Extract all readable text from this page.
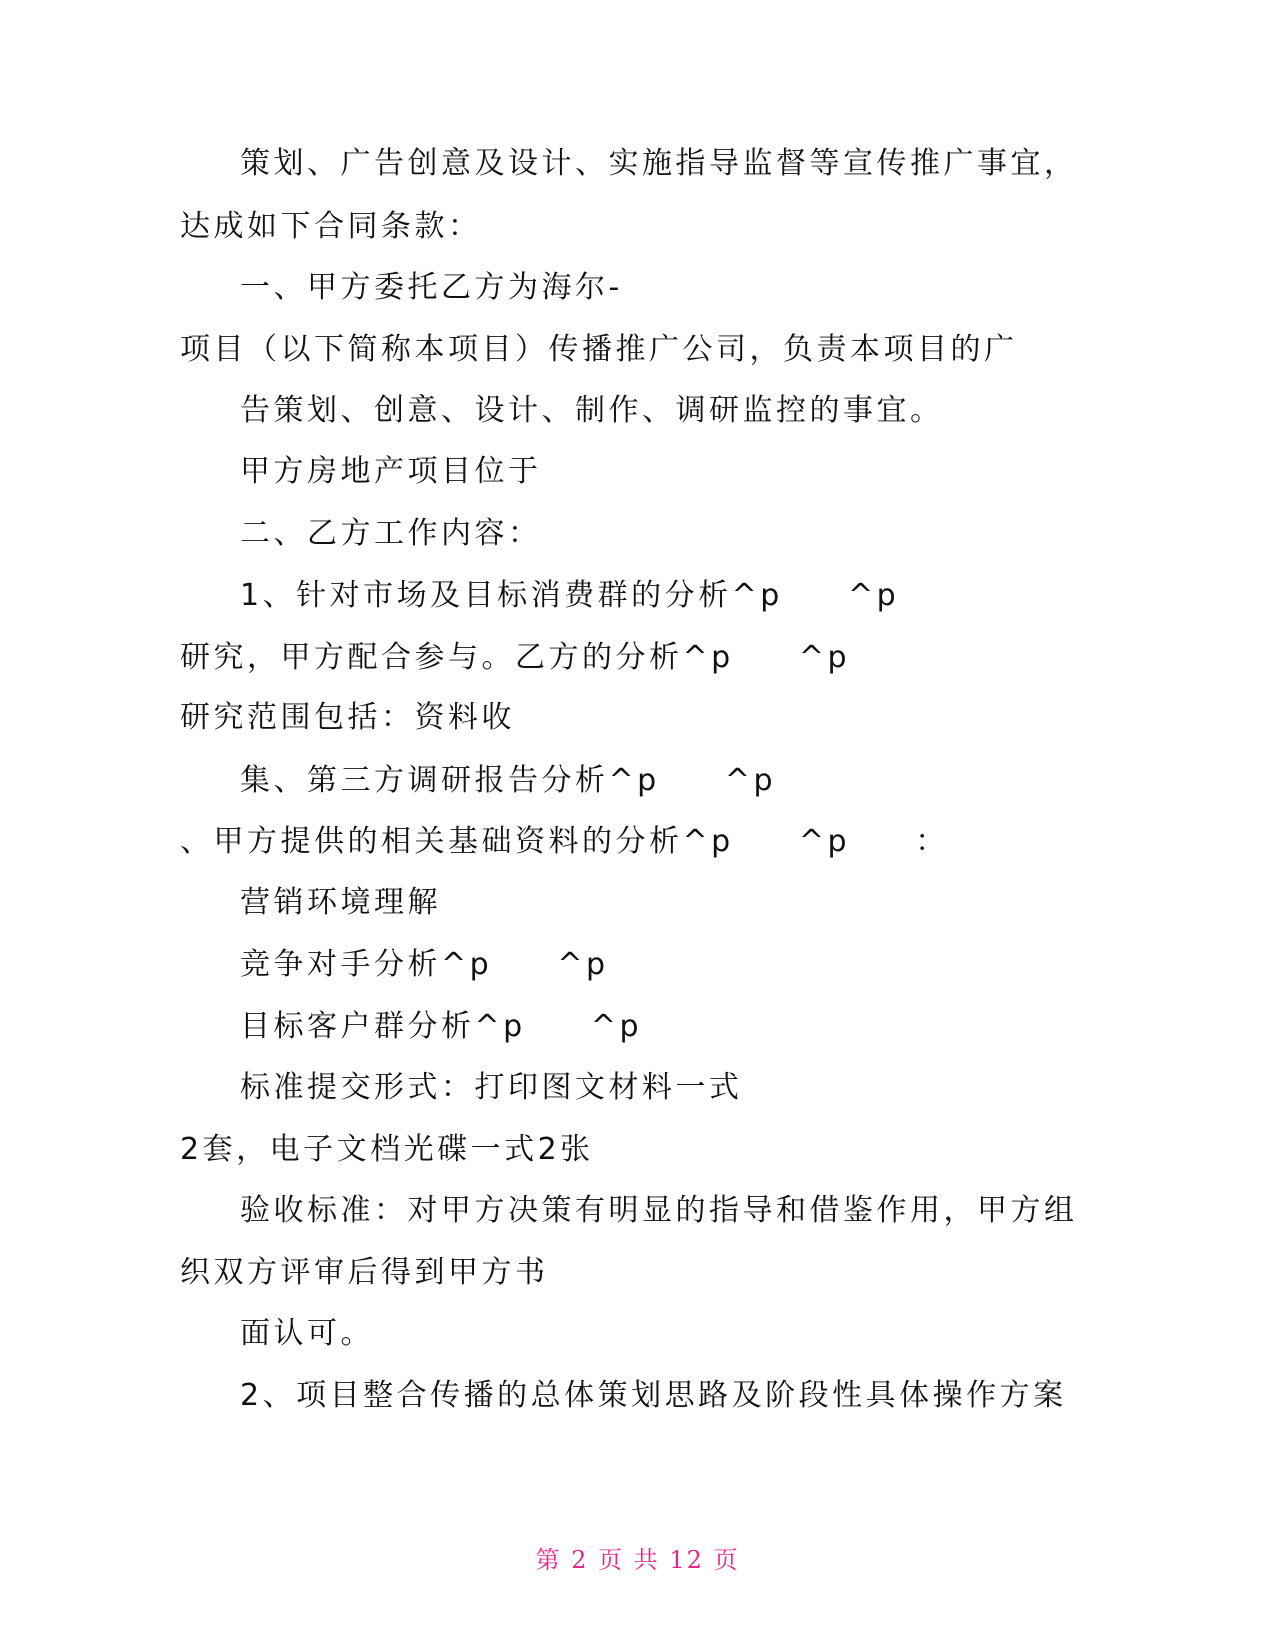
策划、广告创意及设计、实施指导监督等宣传推广事宜，
达成如下合同条款：
一、甲方委托乙方为海尔-
项目（以下简称本项目）传播推广公司，负责本项目的广
告策划、创意、设计、制作、调研监控的事宜。
甲方房地产项目位于
二、乙方工作内容：
1、针对市场及目标消费群的分析^p     ^p
研究，甲方配合参与。乙方的分析^p     ^p
研究范围包括：资料收
集、第三方调研报告分析^p     ^p
、甲方提供的相关基础资料的分析^p     ^p     ：
营销环境理解
竞争对手分析^p     ^p
目标客户群分析^p     ^p
标准提交形式：打印图文材料一式
2套，电子文档光碟一式2张
验收标准：对甲方决策有明显的指导和借鉴作用，甲方组
织双方评审后得到甲方书
面认可。
2、项目整合传播的总体策划思路及阶段性具体操作方案
第 2 页 共 12 页
